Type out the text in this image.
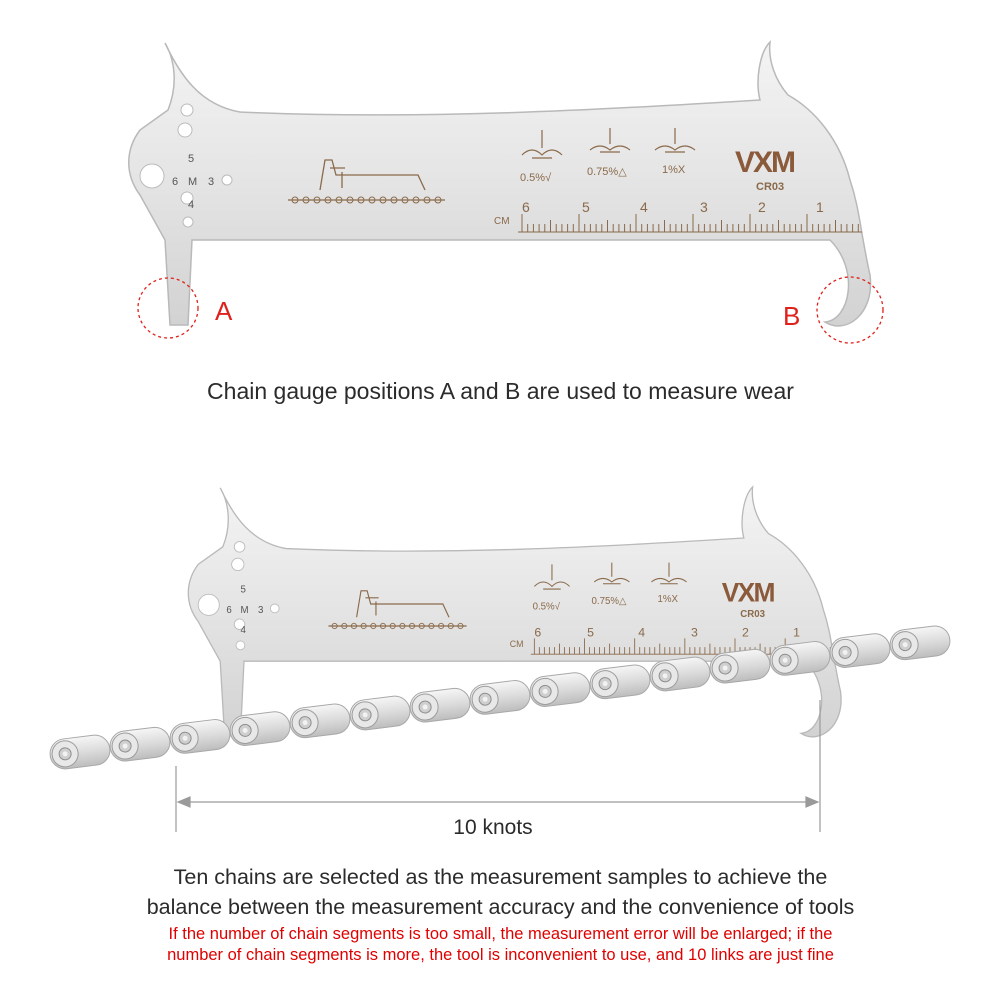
A	B
10 knots
Chain gauge positions A and B are used to measure wear
Ten chains are selected as the measurement samples to achieve the
balance between the measurement accuracy and the convenience of tools
If the number of chain segments is too small, the measurement error will be enlarged; if the
number of chain segments is more, the tool is inconvenient to use, and 10 links are just fine
